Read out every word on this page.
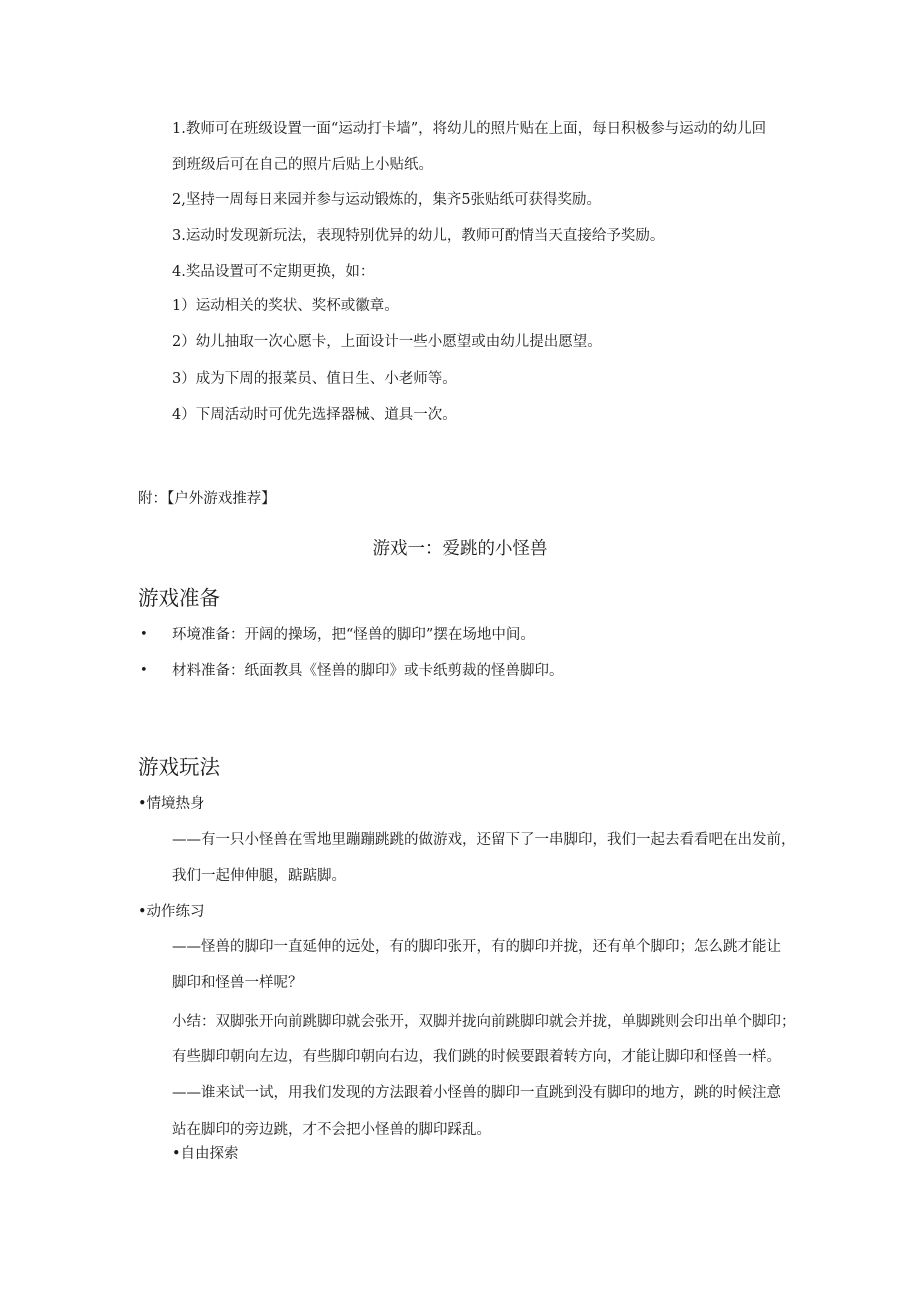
1.教师可在班级设置一面“运动打卡墙”，将幼儿的照片贴在上面，每日积极参与运动的幼儿回
到班级后可在自己的照片后贴上小贴纸。
2,坚持一周每日来园并参与运动锻炼的，集齐5张贴纸可获得奖励。
3.运动时发现新玩法，表现特别优异的幼儿，教师可酌情当天直接给予奖励。
4.奖品设置可不定期更换，如：
1）运动相关的奖状、奖杯或徽章。
2）幼儿抽取一次心愿卡，上面设计一些小愿望或由幼儿提出愿望。
3）成为下周的报菜员、值日生、小老师等。
4）下周活动时可优先选择器械、道具一次。
附：【户外游戏推荐】
游戏一：爱跳的小怪兽
游戏准备
• 环境准备：开阔的操场，把“怪兽的脚印”摆在场地中间。
• 材料准备：纸面教具《怪兽的脚印》或卡纸剪裁的怪兽脚印。
游戏玩法
•情境热身
——有一只小怪兽在雪地里蹦蹦跳跳的做游戏，还留下了一串脚印，我们一起去看看吧在出发前，
我们一起伸伸腿，踮踮脚。
•动作练习
——怪兽的脚印一直延伸的远处，有的脚印张开，有的脚印并拢，还有单个脚印；怎么跳才能让
脚印和怪兽一样呢？
小结：双脚张开向前跳脚印就会张开，双脚并拢向前跳脚印就会并拢，单脚跳则会印出单个脚印；
有些脚印朝向左边，有些脚印朝向右边，我们跳的时候要跟着转方向，才能让脚印和怪兽一样。
——谁来试一试，用我们发现的方法跟着小怪兽的脚印一直跳到没有脚印的地方，跳的时候注意
站在脚印的旁边跳，才不会把小怪兽的脚印踩乱。
•自由探索
